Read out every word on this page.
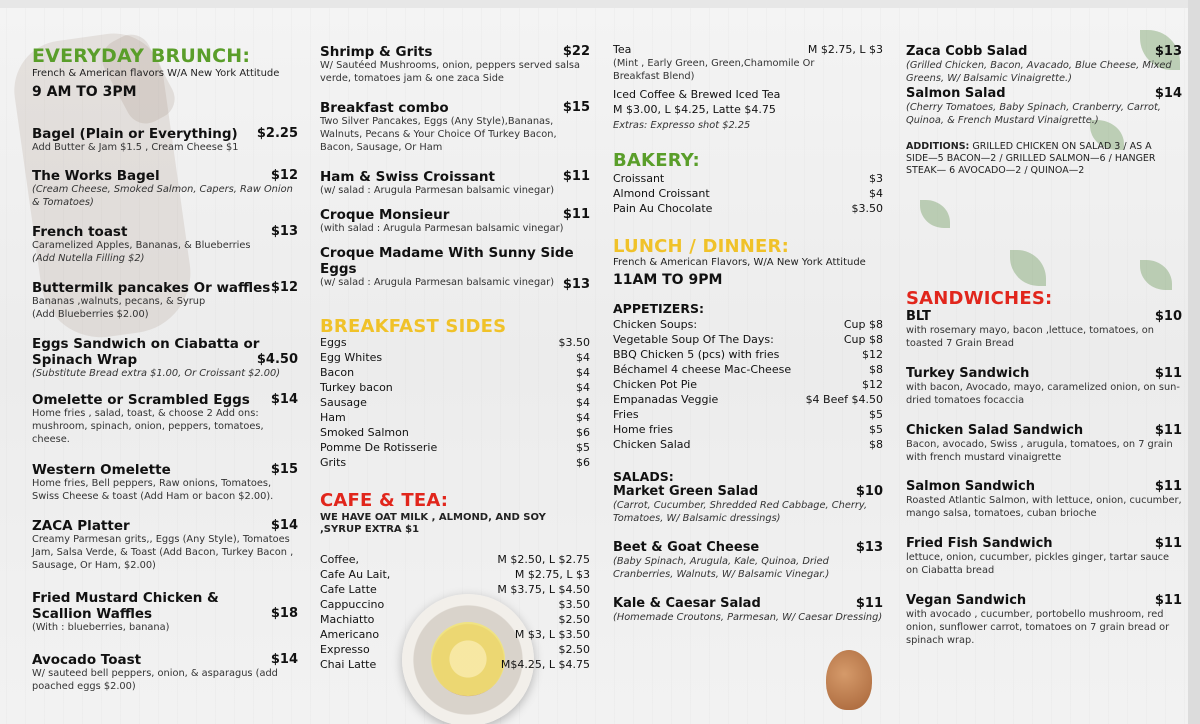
EVERYDAY BRUNCH:
French & American flavors W/A New York Attitude
9 AM TO 3PM
Bagel (Plain or Everything) $2.25
Add Butter & Jam $1.5 , Cream Cheese $1
The Works Bagel	$12
(Cream Cheese, Smoked Salmon, Capers, Raw Onion & Tomatoes)
French toast	$13
Caramelized Apples, Bananas, & Blueberries
(Add Nutella Filling $2)
Buttermilk pancakes Or waffles $12
Bananas ,walnuts, pecans, & Syrup
(Add Blueberries $2.00)
Eggs Sandwich on Ciabatta or
Spinach Wrap	$4.50
(Substitute Bread extra $1.00, Or Croissant $2.00)
Omelette or Scrambled Eggs $14
Home fries , salad, toast, & choose 2 Add ons: mushroom, spinach, onion, peppers, tomatoes, cheese.
Western Omelette	$15
Home fries, Bell peppers, Raw onions, Tomatoes, Swiss Cheese & toast (Add Ham or bacon $2.00).
ZACA Platter	$14
Creamy Parmesan grits,, Eggs (Any Style), Tomatoes Jam, Salsa Verde, & Toast (Add Bacon, Turkey Bacon , Sausage, Or Ham, $2.00)
Fried Mustard Chicken &
Scallion Waffles	$18
(With : blueberries, banana)
Avocado Toast	$14
W/ sauteed bell peppers, onion, & asparagus (add poached eggs $2.00)
Shrimp & Grits	$22
W/ Sautéed Mushrooms, onion, peppers served salsa verde, tomatoes jam & one zaca Side
Breakfast combo	$15
Two Silver Pancakes, Eggs (Any Style),Bananas, Walnuts, Pecans & Your Choice Of Turkey Bacon, Bacon, Sausage, Or Ham
Ham & Swiss Croissant	$11
(w/ salad : Arugula Parmesan balsamic vinegar)
Croque Monsieur	$11
(with salad : Arugula Parmesan balsamic vinegar)
Croque Madame With Sunny Side Eggs
(w/ salad : Arugula Parmesan balsamic vinegar) $13
BREAKFAST SIDES
Eggs	$3.50
Egg Whites	$4
Bacon	$4
Turkey bacon	$4
Sausage	$4
Ham	$4
Smoked Salmon	$6
Pomme De Rotisserie	$5
Grits	$6
CAFE & TEA:
WE HAVE OAT MILK , ALMOND, AND SOY ,SYRUP EXTRA $1
Coffee,	M $2.50, L $2.75
Cafe Au Lait,	M $2.75, L $3
Cafe Latte	M $3.75, L $4.50
Cappuccino	$3.50
Machiatto	$2.50
Americano	M $3, L $3.50
Expresso	$2.50
Chai Latte	M$4.25, L $4.75
Tea	M $2.75, L $3
(Mint , Early Green, Green,Chamomile Or Breakfast Blend)
Iced Coffee & Brewed Iced Tea
M $3.00, L $4.25, Latte $4.75
Extras: Expresso shot $2.25
BAKERY:
Croissant	$3
Almond Croissant	$4
Pain Au Chocolate	$3.50
LUNCH / DINNER:
French & American Flavors, W/A New York Attitude
11AM TO 9PM
APPETIZERS:
Chicken Soups:	Cup $8
Vegetable Soup Of The Days:	Cup $8
BBQ Chicken 5 (pcs) with fries	$12
Béchamel 4 cheese Mac-Cheese	$8
Chicken Pot Pie	$12
Empanadas Veggie	$4 Beef $4.50
Fries	$5
Home fries	$5
Chicken Salad	$8
SALADS:
Market Green Salad	$10
(Carrot, Cucumber, Shredded Red Cabbage, Cherry, Tomatoes, W/ Balsamic dressings)
Beet & Goat Cheese	$13
(Baby Spinach, Arugula, Kale, Quinoa, Dried Cranberries, Walnuts, W/ Balsamic Vinegar.)
Kale & Caesar Salad	$11
(Homemade Croutons, Parmesan, W/ Caesar Dressing)
Zaca Cobb Salad	$13
(Grilled Chicken, Bacon, Avacado, Blue Cheese, Mixed Greens, W/ Balsamic Vinaigrette.)
Salmon Salad	$14
(Cherry Tomatoes, Baby Spinach, Cranberry, Carrot, Quinoa, & French Mustard Vinaigrette.)
ADDITIONS: GRILLED CHICKEN ON SALAD 3 / AS A SIDE—5 BACON—2 / GRILLED SALMON—6 / HANGER STEAK— 6 AVOCADO—2 / QUINOA—2
SANDWICHES:
BLT	$10
with rosemary mayo, bacon ,lettuce, tomatoes, on toasted 7 Grain Bread
Turkey Sandwich	$11
with bacon, Avocado, mayo, caramelized onion, on sun-dried tomatoes focaccia
Chicken Salad Sandwich	$11
Bacon, avocado, Swiss , arugula, tomatoes, on 7 grain with french mustard vinaigrette
Salmon Sandwich	$11
Roasted Atlantic Salmon, with lettuce, onion, cucumber, mango salsa, tomatoes, cuban brioche
Fried Fish Sandwich	$11
lettuce, onion, cucumber, pickles ginger, tartar sauce on Ciabatta bread
Vegan Sandwich	$11
with avocado , cucumber, portobello mushroom, red onion, sunflower carrot, tomatoes on 7 grain bread or spinach wrap.
